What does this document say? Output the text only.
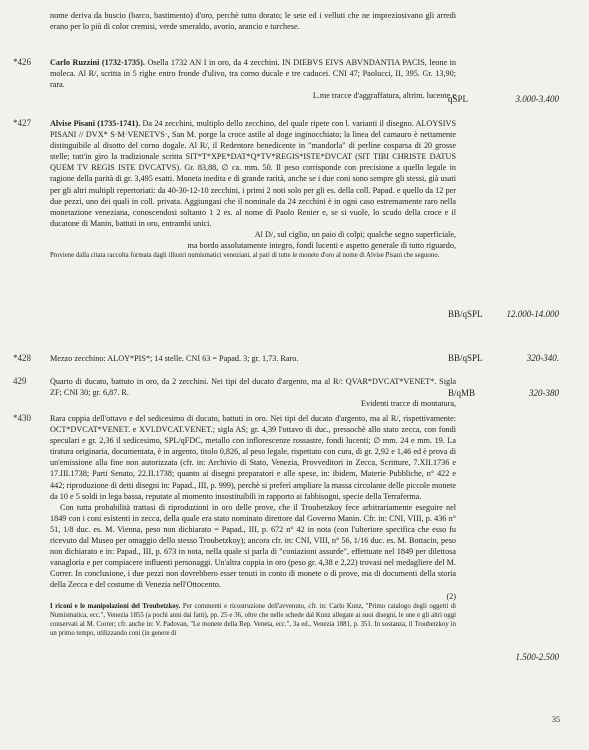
nome deriva da buscio (barco, bastimento) d'oro, perchè tutto dorato; le sete ed i velluti che ne impreziosivano gli arredi erano per lo più di color cremisi, verde smeraldo, avorio, arancio e turchese.

*426 Carlo Ruzzini (1732-1735). Osella 1732 AN I in oro, da 4 zecchini. IN DIEBVS EIVS ABVNDANTIA PACIS, leone in moleca. Al R/, scritta in 5 righe entro fronde d'ulivo, tra corno ducale e tre caducei. CNI 47; Paolucci, II, 395. Gr. 13,90; rara.

L.me tracce d'aggraffatura, altrim. lucente e

qSPL	3.000-3.400
*427 Alvise Pisani (1735-1741). Da 24 zecchini, multiplo dello zecchino, del quale ripete con l. varianti il disegno. ALOYSIVS PISANI // DVX* S·M·VENETVS·, San M. porge la croce astile al doge inginocchiato; la linea del camauro è nettamente distinguibile al disotto del corno dogale. Al R/, il Redentore benedicente in "mandorla" di perline cosparsa di 20 grosse stelle; tutt'in giro la tradizionale scritta SIT*T*XPE*DAT*Q*TV*REGIS*ISTE*DVCAT (SIT TIBI CHRISTE DATUS QUEM TV REGIS ISTE DVCATVS). Gr. 83,88, ∅ ca. mm. 50. Il peso corrisponde con precisione a quello legale in ragione della parità di gr. 3,495 esatti. Moneta inedita e di grande rarità, anche se i due coni sono sempre gli stessi, già usati per gli altri multipli repertoriati: da 40-30-12-10 zecchini, i primi 2 noti solo per gli es. della coll. Papad. e quello da 12 per due pezzi, uno dei quali in coll. privata. Aggiungasi che il nominale da 24 zecchini è in ogni caso estremamente raro nella monetazione veneziana, conoscendosi soltanto 1 2 es. al nome di Paolo Renier e, se si vuole, lo scudo della croce e il ducatone di Manin, battuti in oro, entrambi unici.

Al D/, sul ciglio, un paio di colpi; qualche segno superficiale,

ma bordo assolutamente integro, fondi lucenti e aspetto generale di tutto riguardo,

Proviene dalla citata raccolta formata dagli illustri numismatici veneziani, al pari di tutte le monete d'oro al nome di Alvise Pisani che seguono.

BB/qSPL	12.000-14.000
*428 Mezzo zecchino: ALOY*PIS*; 14 stelle. CNI 63 = Papad. 3; gr. 1,73. Raro.	BB/qSPL	320-340.
429	Quarto di ducato, battuto in oro, da 2 zecchini. Nei tipi del ducato d'argento, ma al R/: QVAR*DVCAT*VENET*. Sigla ZF; CNI 30; gr. 6,87. R.

Evidenti tracce di montatura,

B/qMB	320-380
*430 Rara coppia dell'ottavo e del sedicesimo di ducato, battuti in oro. Nei tipi del ducato d'argento, ma al R/, rispettivamente: OCT*DVCAT*VENET. e XVI.DVCAT.VENET.; sigla AS; gr. 4,39 l'ottavo di duc., pressochè allo stato zecca, con fondi speculari e gr. 2,36 il sedicesimo, SPL/qFDC, metallo con inflorescenze rossastre, fondi lucenti; ∅ mm. 24 e mm. 19. La tiratura originaria, documentata, è in argento, titolo 0,826, al peso legale, rispettato con cura, di gr. 2,92 e 1,46 ed è prova di un'emissione alla fine non autorizzata (cfr. in: Archivio di Stato, Venezia, Provveditori in Zecca, Scritture, 7.XII.1736 e 17.III.1738; Parti Senato, 22.II.1738; quanto ai disegni preparatori e alle spese, in: ibidem, Materie Pubbliche, n° 422 e 442; riproduzione di detti disegni in: Papad., III, p. 999), perchè si preferì ampliare la massa circolante delle piccole monete da 10 e 5 soldi in lega bassa, reputate al momento insostituibili in rapporto ai fabbisogni, specie della Terraferma.

Con tutta probabilità trattasi di riproduzioni in oro delle prove, che il Troubetzkoy fece arbitrariamente eseguire nel 1849 con i coni esistenti in zecca, della quale era stato nominato direttore dal Governo Manin. Cfr. in: CNI, VIII, p. 436 n° 51, 1/8 duc. es. M. Vienna, peso non dichiarato = Papad., III, p. 672 n° 42 in nota (con l'ulteriore specifica che esso fu ricevuto dal Museo per omaggio dello stesso Troubetzkoy); ancora cfr. in: CNI, VIII, n° 56, 1/16 duc. es. M. Bottacin, peso non dichiarato e in: Papad., III, p. 673 in nota, nella quale si parla di "coniazioni assurde", effettuate nel 1849 per dilettosa vanagloria e per compiacere influenti personaggi. Un'altra coppia in oro (peso gr. 4,38 e 2,22) trovasi nel medagliere del M. Correr. In conclusione, i due pezzi non dovrebbero esser tenuti in conto di monete o di prove, ma di documenti della storia della Zecca e del costume di Venezia nell'Ottocento.

(2)

I riconi e le manipolazioni del Troubetzkoy. Per commenti e ricostruzione dell'avvenuto, cfr. in: Carlo Kunz, "Primo catalogo degli oggetti di Numismatica, ecc.", Venezia 1855 (a pochi anni dai fatti), pp. 25 e 36, oltre che nelle schede dal Kunz allegate ai suoi disegni, le une e gli altri oggi conservati al M. Correr; cfr. anche in: V. Padovan, "Le monete della Rep. Veneta, ecc.", 3a ed., Venezia 1881, p. 351. In sostanza, il Troubetzkoy in un primo tempo, utilizzando coni (in genere di

1.500-2.500
35
